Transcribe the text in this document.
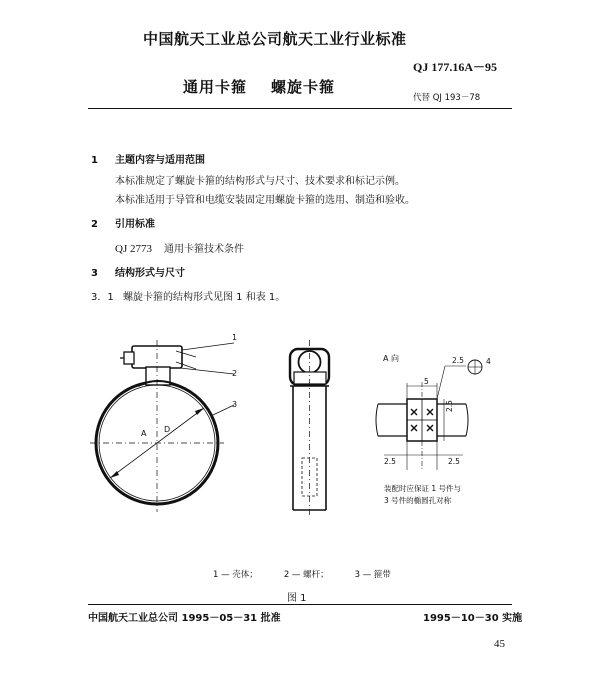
中国航天工业总公司航天工业行业标准
QJ 177.16A－95
通用卡箍 螺旋卡箍
代替 QJ 193－78
1 主题内容与适用范围
本标准规定了螺旋卡箍的结构形式与尺寸、技术要求和标记示例。
本标准适用于导管和电缆安装固定用螺旋卡箍的选用、制造和验收。
2 引用标准
QJ 2773 通用卡箍技术条件
3 结构形式与尺寸
3．1 螺旋卡箍的结构形式见图 1 和表 1。
1
2
3
A D
A 向	2.5	4
5
2.5
2.5	2.5
装配时应保证 1 号件与
3 号件的椭圆孔对称
1 — 壳体；	2 — 螺杆；	3 — 箍带
图 1
中国航天工业总公司 1995－05－31 批准	1995－10－30 实施
45
